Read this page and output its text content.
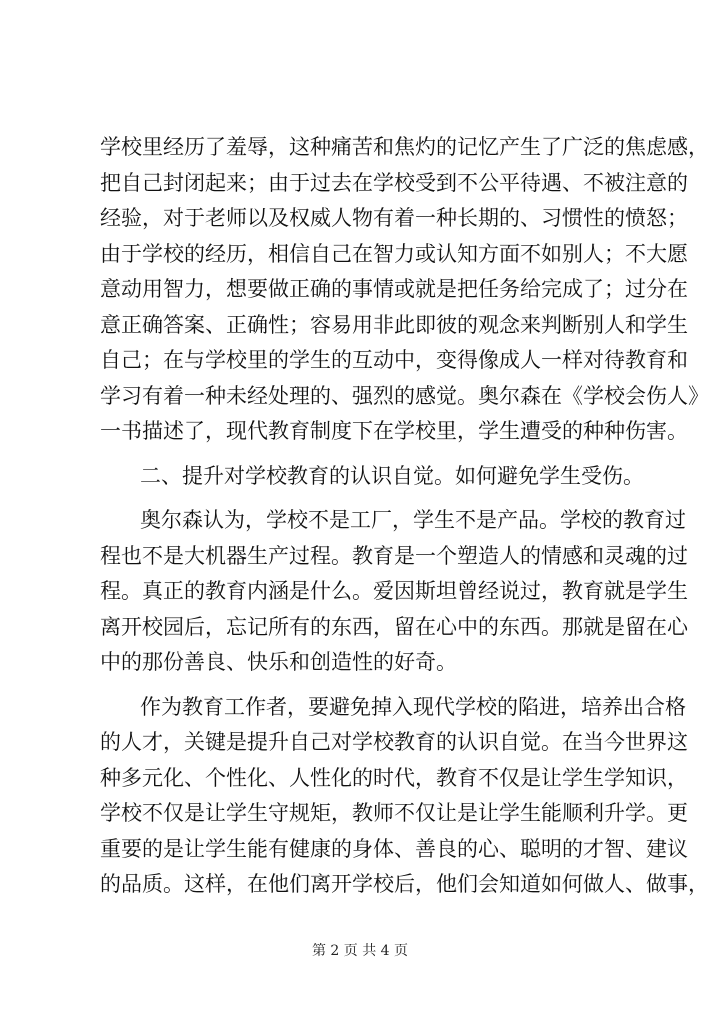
学校里经历了羞辱，这种痛苦和焦灼的记忆产生了广泛的焦虑感，
把自己封闭起来；由于过去在学校受到不公平待遇、不被注意的
经验，对于老师以及权威人物有着一种长期的、习惯性的愤怒；
由于学校的经历，相信自己在智力或认知方面不如别人；不大愿
意动用智力，想要做正确的事情或就是把任务给完成了；过分在
意正确答案、正确性；容易用非此即彼的观念来判断别人和学生
自己；在与学校里的学生的互动中，变得像成人一样对待教育和
学习有着一种未经处理的、强烈的感觉。奥尔森在《学校会伤人》
一书描述了，现代教育制度下在学校里，学生遭受的种种伤害。
二、提升对学校教育的认识自觉。如何避免学生受伤。
奥尔森认为，学校不是工厂，学生不是产品。学校的教育过
程也不是大机器生产过程。教育是一个塑造人的情感和灵魂的过
程。真正的教育内涵是什么。爱因斯坦曾经说过，教育就是学生
离开校园后，忘记所有的东西，留在心中的东西。那就是留在心
中的那份善良、快乐和创造性的好奇。
作为教育工作者，要避免掉入现代学校的陷进，培养出合格
的人才，关键是提升自己对学校教育的认识自觉。在当今世界这
种多元化、个性化、人性化的时代，教育不仅是让学生学知识，
学校不仅是让学生守规矩，教师不仅让是让学生能顺利升学。更
重要的是让学生能有健康的身体、善良的心、聪明的才智、建议
的品质。这样，在他们离开学校后，他们会知道如何做人、做事，
第 2 页 共 4 页
